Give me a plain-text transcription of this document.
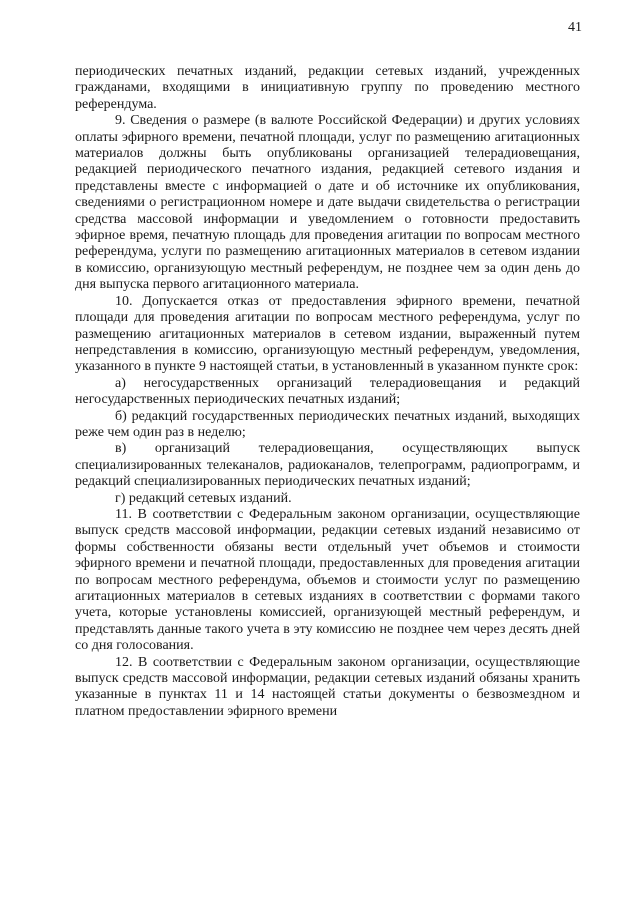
41

периодических печатных изданий, редакции сетевых изданий, учрежденных гражданами, входящими в инициативную группу по проведению местного референдума.

9. Сведения о размере (в валюте Российской Федерации) и других условиях оплаты эфирного времени, печатной площади, услуг по размещению агитационных материалов должны быть опубликованы организацией телерадиовещания, редакцией периодического печатного издания, редакцией сетевого издания и представлены вместе с информацией о дате и об источнике их опубликования, сведениями о регистрационном номере и дате выдачи свидетельства о регистрации средства массовой информации и уведомлением о готовности предоставить эфирное время, печатную площадь для проведения агитации по вопросам местного референдума, услуги по размещению агитационных материалов в сетевом издании в комиссию, организующую местный референдум, не позднее чем за один день до дня выпуска первого агитационного материала.

10. Допускается отказ от предоставления эфирного времени, печатной площади для проведения агитации по вопросам местного референдума, услуг по размещению агитационных материалов в сетевом издании, выраженный путем непредставления в комиссию, организующую местный референдум, уведомления, указанного в пункте 9 настоящей статьи, в установленный в указанном пункте срок:

а) негосударственных организаций телерадиовещания и редакций негосударственных периодических печатных изданий;

б) редакций государственных периодических печатных изданий, выходящих реже чем один раз в неделю;

в) организаций телерадиовещания, осуществляющих выпуск специализированных телеканалов, радиоканалов, телепрограмм, радиопрограмм, и редакций специализированных периодических печатных изданий;

г) редакций сетевых изданий.

11. В соответствии с Федеральным законом организации, осуществляющие выпуск средств массовой информации, редакции сетевых изданий независимо от формы собственности обязаны вести отдельный учет объемов и стоимости эфирного времени и печатной площади, предоставленных для проведения агитации по вопросам местного референдума, объемов и стоимости услуг по размещению агитационных материалов в сетевых изданиях в соответствии с формами такого учета, которые установлены комиссией, организующей местный референдум, и представлять данные такого учета в эту комиссию не позднее чем через десять дней со дня голосования.

12. В соответствии с Федеральным законом организации, осуществляющие выпуск средств массовой информации, редакции сетевых изданий обязаны хранить указанные в пунктах 11 и 14 настоящей статьи документы о безвозмездном и платном предоставлении эфирного времени
